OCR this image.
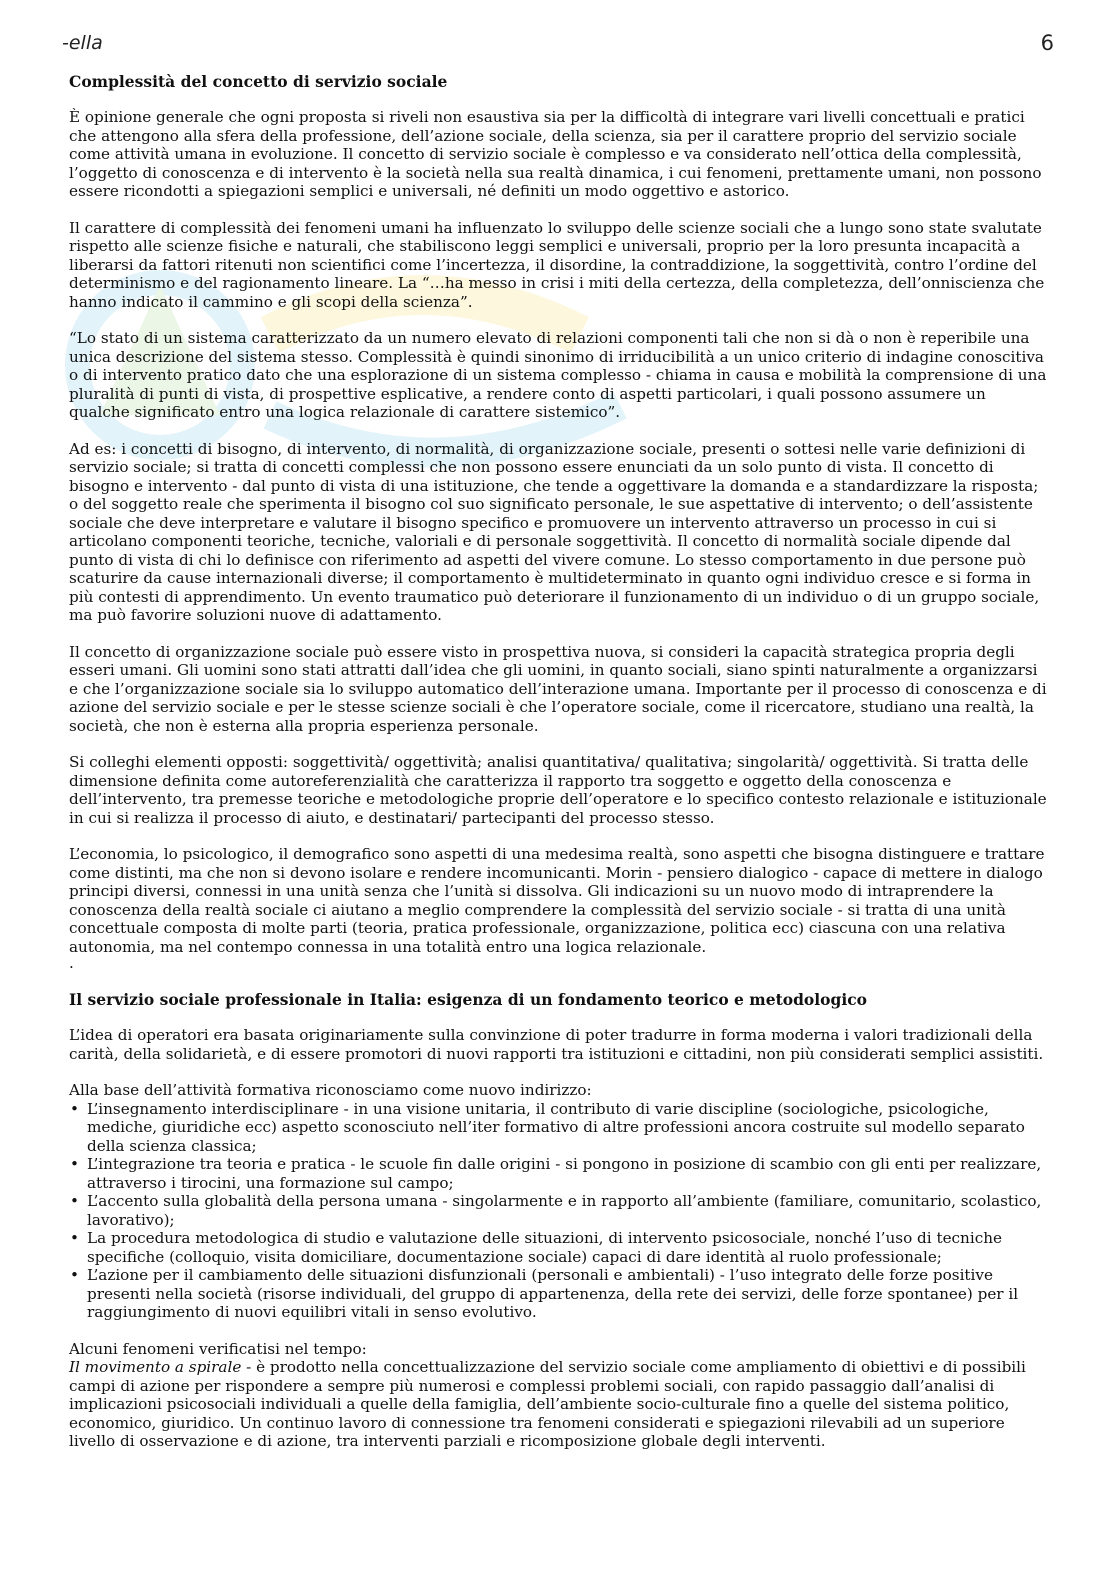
-ella	6
Complessità del concetto di servizio sociale

È opinione generale che ogni proposta si riveli non esaustiva sia per la difficoltà di integrare vari livelli concettuali e pratici che attengono alla sfera della professione, dell’azione sociale, della scienza, sia per il carattere proprio del servizio sociale come attività umana in evoluzione. Il concetto di servizio sociale è complesso e va considerato nell’ottica della complessità, l’oggetto di conoscenza e di intervento è la società nella sua realtà dinamica, i cui fenomeni, prettamente umani, non possono essere ricondotti a spiegazioni semplici e universali, né definiti un modo oggettivo e astorico.

Il carattere di complessità dei fenomeni umani ha influenzato lo sviluppo delle scienze sociali che a lungo sono state svalutate rispetto alle scienze fisiche e naturali, che stabiliscono leggi semplici e universali, proprio per la loro presunta incapacità a liberarsi da fattori ritenuti non scientifici come l’incertezza, il disordine, la contraddizione, la soggettività, contro l’ordine del determinismo e del ragionamento lineare. La “…ha messo in crisi i miti della certezza, della completezza, dell’onniscienza che hanno indicato il cammino e gli scopi della scienza”.

“Lo stato di un sistema caratterizzato da un numero elevato di relazioni componenti tali che non si dà o non è reperibile una unica descrizione del sistema stesso. Complessità è quindi sinonimo di irriducibilità a un unico criterio di indagine conoscitiva o di intervento pratico dato che una esplorazione di un sistema complesso - chiama in causa e mobilità la comprensione di una pluralità di punti di vista, di prospettive esplicative, a rendere conto di aspetti particolari, i quali possono assumere un qualche significato entro una logica relazionale di carattere sistemico”.

Ad es: i concetti di bisogno, di intervento, di normalità, di organizzazione sociale, presenti o sottesi nelle varie definizioni di servizio sociale; si tratta di concetti complessi che non possono essere enunciati da un solo punto di vista. Il concetto di bisogno e intervento - dal punto di vista di una istituzione, che tende a oggettivare la domanda e a standardizzare la risposta; o del soggetto reale che sperimenta il bisogno col suo significato personale, le sue aspettative di intervento; o dell’assistente sociale che deve interpretare e valutare il bisogno specifico e promuovere un intervento attraverso un processo in cui si articolano componenti teoriche, tecniche, valoriali e di personale soggettività. Il concetto di normalità sociale dipende dal punto di vista di chi lo definisce con riferimento ad aspetti del vivere comune. Lo stesso comportamento in due persone può scaturire da cause internazionali diverse; il comportamento è multideterminato in quanto ogni individuo cresce e si forma in più contesti di apprendimento. Un evento traumatico può deteriorare il funzionamento di un individuo o di un gruppo sociale, ma può favorire soluzioni nuove di adattamento.

Il concetto di organizzazione sociale può essere visto in prospettiva nuova, si consideri la capacità strategica propria degli esseri umani. Gli uomini sono stati attratti dall’idea che gli uomini, in quanto sociali, siano spinti naturalmente a organizzarsi e che l’organizzazione sociale sia lo sviluppo automatico dell’interazione umana. Importante per il processo di conoscenza e di azione del servizio sociale e per le stesse scienze sociali è che l’operatore sociale, come il ricercatore, studiano una realtà, la società, che non è esterna alla propria esperienza personale.

Si colleghi elementi opposti: soggettività/ oggettività; analisi quantitativa/ qualitativa; singolarità/ oggettività. Si tratta delle dimensione definita come autoreferenzialità che caratterizza il rapporto tra soggetto e oggetto della conoscenza e dell’intervento, tra premesse teoriche e metodologiche proprie dell’operatore e lo specifico contesto relazionale e istituzionale in cui si realizza il processo di aiuto, e destinatari/ partecipanti del processo stesso.

L’economia, lo psicologico, il demografico sono aspetti di una medesima realtà, sono aspetti che bisogna distinguere e trattare come distinti, ma che non si devono isolare e rendere incomunicanti. Morin - pensiero dialogico - capace di mettere in dialogo principi diversi, connessi in una unità senza che l’unità si dissolva. Gli indicazioni su un nuovo modo di intraprendere la conoscenza della realtà sociale ci aiutano a meglio comprendere la complessità del servizio sociale - si tratta di una unità concettuale composta di molte parti (teoria, pratica professionale, organizzazione, politica ecc) ciascuna con una relativa autonomia, ma nel contempo connessa in una totalità entro una logica relazionale.

.
Il servizio sociale professionale in Italia: esigenza di un fondamento teorico e metodologico

L’idea di operatori era basata originariamente sulla convinzione di poter tradurre in forma moderna i valori tradizionali della carità, della solidarietà, e di essere promotori di nuovi rapporti tra istituzioni e cittadini, non più considerati semplici assistiti.

Alla base dell’attività formativa riconosciamo come nuovo indirizzo:

• L’insegnamento interdisciplinare - in una visione unitaria, il contributo di varie discipline (sociologiche, psicologiche, mediche, giuridiche ecc) aspetto sconosciuto nell’iter formativo di altre professioni ancora costruite sul modello separato della scienza classica;
• L’integrazione tra teoria e pratica - le scuole fin dalle origini - si pongono in posizione di scambio con gli enti per realizzare, attraverso i tirocini, una formazione sul campo;
• L’accento sulla globalità della persona umana - singolarmente e in rapporto all’ambiente (familiare, comunitario, scolastico, lavorativo);
• La procedura metodologica di studio e valutazione delle situazioni, di intervento psicosociale, nonché l’uso di tecniche specifiche (colloquio, visita domiciliare, documentazione sociale) capaci di dare identità al ruolo professionale;
• L’azione per il cambiamento delle situazioni disfunzionali (personali e ambientali) - l’uso integrato delle forze positive presenti nella società (risorse individuali, del gruppo di appartenenza, della rete dei servizi, delle forze spontanee) per il raggiungimento di nuovi equilibri vitali in senso evolutivo.

Alcuni fenomeni verificatisi nel tempo:

Il movimento a spirale - è prodotto nella concettualizzazione del servizio sociale come ampliamento di obiettivi e di possibili campi di azione per rispondere a sempre più numerosi e complessi problemi sociali, con rapido passaggio dall’analisi di implicazioni psicosociali individuali a quelle della famiglia, dell’ambiente socio-culturale fino a quelle del sistema politico, economico, giuridico. Un continuo lavoro di connessione tra fenomeni considerati e spiegazioni rilevabili ad un superiore livello di osservazione e di azione, tra interventi parziali e ricomposizione globale degli interventi.
